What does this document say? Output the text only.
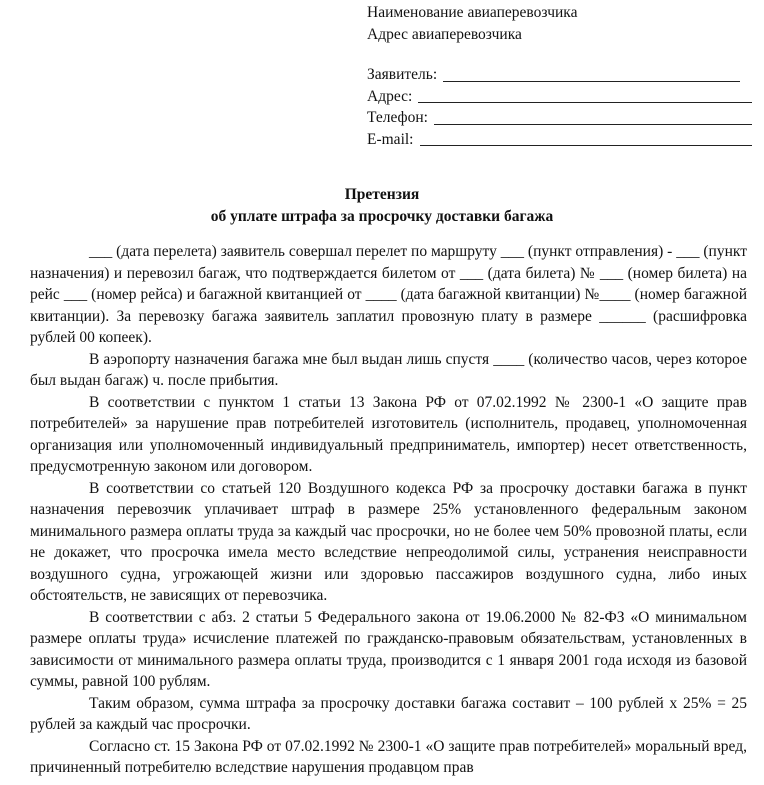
Наименование авиаперевозчика
Адрес авиаперевозчика
Заявитель:
Адрес:
Телефон:
E-mail:
Претензия
об уплате штрафа за просрочку доставки багажа

___ (дата перелета) заявитель совершал перелет по маршруту ___ (пункт отправления) - ___ (пункт назначения) и перевозил багаж, что подтверждается билетом от ___ (дата билета) № ___ (номер билета) на рейс ___ (номер рейса) и багажной квитанцией от ____ (дата багажной квитанции) №____ (номер багажной квитанции). За перевозку багажа заявитель заплатил провозную плату в размере ______ (расшифровка рублей 00 копеек).

В аэропорту назначения багажа мне был выдан лишь спустя ____ (количество часов, через которое был выдан багаж) ч. после прибытия.

В соответствии с пунктом 1 статьи 13 Закона РФ от 07.02.1992 № 2300-1 «О защите прав потребителей» за нарушение прав потребителей изготовитель (исполнитель, продавец, уполномоченная организация или уполномоченный индивидуальный предприниматель, импортер) несет ответственность, предусмотренную законом или договором.

В соответствии со статьей 120 Воздушного кодекса РФ за просрочку доставки багажа в пункт назначения перевозчик уплачивает штраф в размере 25% установленного федеральным законом минимального размера оплаты труда за каждый час просрочки, но не более чем 50% провозной платы, если не докажет, что просрочка имела место вследствие непреодолимой силы, устранения неисправности воздушного судна, угрожающей жизни или здоровью пассажиров воздушного судна, либо иных обстоятельств, не зависящих от перевозчика.

В соответствии с абз. 2 статьи 5 Федерального закона от 19.06.2000 № 82-ФЗ «О минимальном размере оплаты труда» исчисление платежей по гражданско-правовым обязательствам, установленных в зависимости от минимального размера оплаты труда, производится с 1 января 2001 года исходя из базовой суммы, равной 100 рублям.

Таким образом, сумма штрафа за просрочку доставки багажа составит – 100 рублей х 25% = 25 рублей за каждый час просрочки.

Согласно ст. 15 Закона РФ от 07.02.1992 № 2300-1 «О защите прав потребителей» моральный вред, причиненный потребителю вследствие нарушения продавцом прав
